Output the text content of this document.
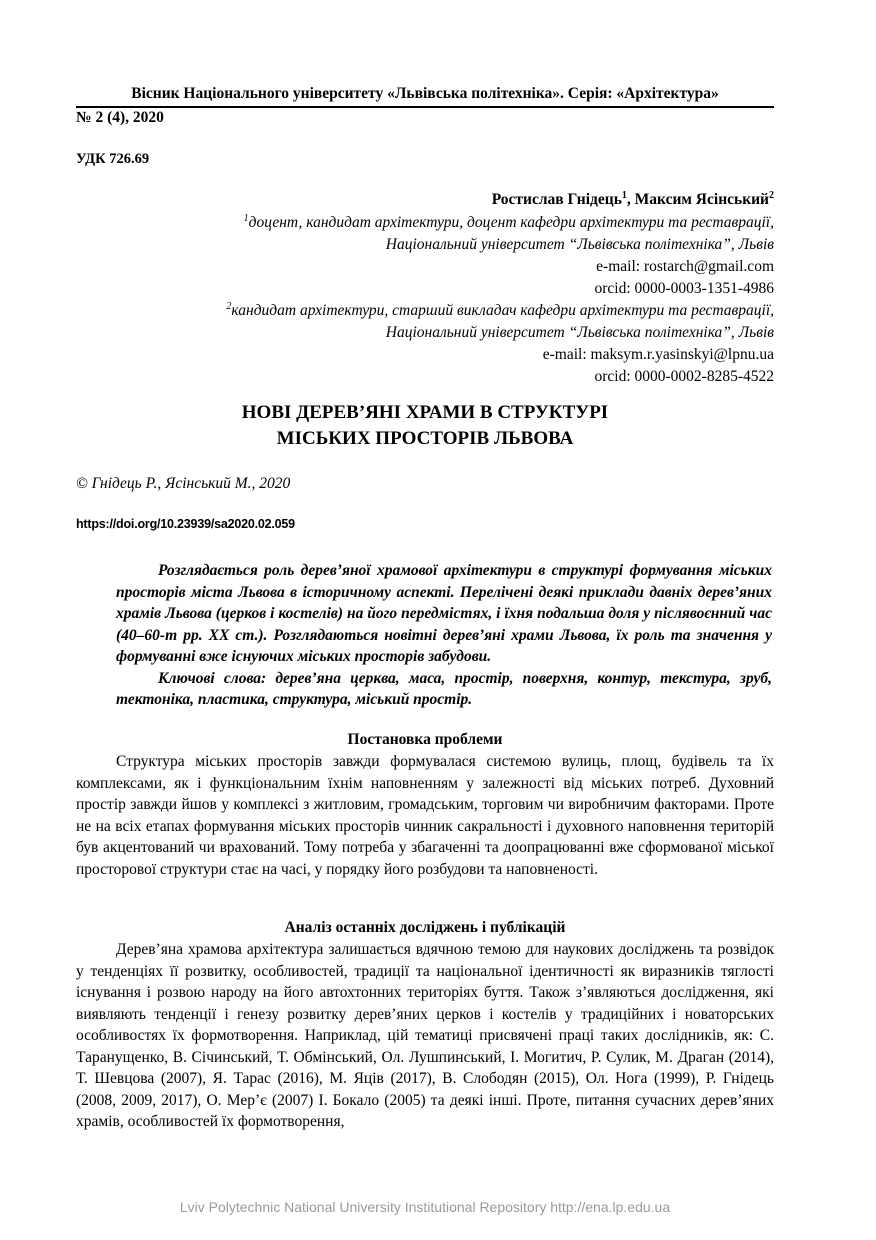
Вісник Національного університету «Львівська політехніка». Серія: «Архітектура»
№ 2 (4), 2020
УДК 726.69
Ростислав Гнідець$^1$, Максим Ясінський$^2$
$^1$доцент, кандидат архітектури, доцент кафедри архітектури та реставрації,
Національний університет “Львівська політехніка”, Львів
e-mail: rostarch@gmail.com
orcid: 0000-0003-1351-4986
$^2$кандидат архітектури, старший викладач кафедри архітектури та реставрації,
Національний університет “Львівська політехніка”, Львів
e-mail: maksym.r.yasinskyi@lpnu.ua
orcid: 0000-0002-8285-4522
НОВІ ДЕРЕВ’ЯНІ ХРАМИ В СТРУКТУРІ
МІСЬКИХ ПРОСТОРІВ ЛЬВОВА
© Гнідець Р., Ясінський М., 2020
https://doi.org/10.23939/sa2020.02.059

Розглядається роль дерев’яної храмової архітектури в структурі формування міських просторів міста Львова в історичному аспекті. Перелічені деякі приклади давніх дерев’яних храмів Львова (церков і костелів) на його передмістях, і їхня подальша доля у післявоєнний час (40–60-т рр. ХХ ст.). Розглядаються новітні дерев’яні храми Львова, їх роль та значення у формуванні вже існуючих міських просторів забудови.

Ключові слова: дерев’яна церква, маса, простір, поверхня, контур, текстура, зруб, тектоніка, пластика, структура, міський простір.

Постановка проблеми

Структура міських просторів завжди формувалася системою вулиць, площ, будівель та їх комплексами, як і функціональним їхнім наповненням у залежності від міських потреб. Духовний простір завжди йшов у комплексі з житловим, громадським, торговим чи виробничим факторами. Проте не на всіх етапах формування міських просторів чинник сакральності і духовного наповнення територій був акцентований чи врахований. Тому потреба у збагаченні та доопрацюванні вже сформованої міської просторової структури стає на часі, у порядку його розбудови та наповненості.

Аналіз останніх досліджень і публікацій

Дерев’яна храмова архітектура залишається вдячною темою для наукових досліджень та розвідок у тенденціях її розвитку, особливостей, традиції та національної ідентичності як виразників тяглості існування і розвою народу на його автохтонних територіях буття. Також з’являються дослідження, які виявляють тенденції і генезу розвитку дерев’яних церков і костелів у традиційних і новаторських особливостях їх формотворення. Наприклад, цій тематиці присвячені праці таких дослідників, як: С. Таранущенко, В. Січинський, Т. Обмінський, Ол. Лушпинський, І. Могитич, Р. Сулик, М. Драган (2014), Т. Шевцова (2007), Я. Тарас (2016), М. Яців (2017), В. Слободян (2015), Ол. Нога (1999), Р. Гнідець (2008, 2009, 2017), О. Мер’є (2007) І. Бокало (2005) та деякі інші. Проте, питання сучасних дерев’яних храмів, особливостей їх формотворення,

Lviv Polytechnic National University Institutional Repository http://ena.lp.edu.ua
